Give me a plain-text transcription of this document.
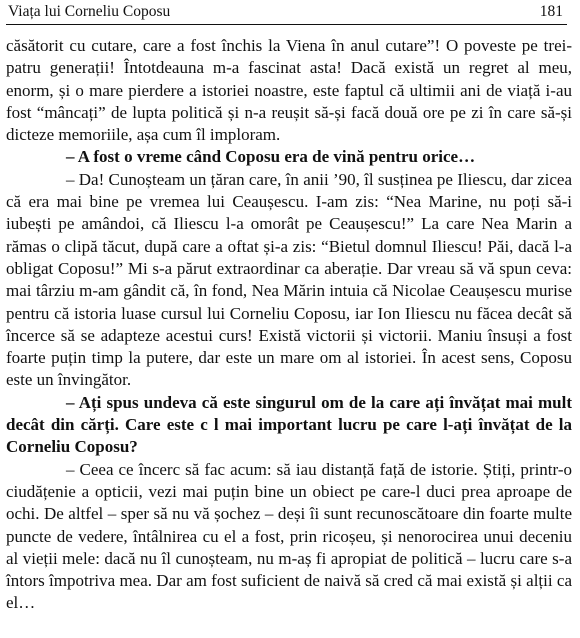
Viața lui Corneliu Coposu	181

căsătorit cu cutare, care a fost închis la Viena în anul cutare”! O poveste pe trei-patru generații! Întotdeauna m-a fascinat asta! Dacă există un regret al meu, enorm, și o mare pierdere a istoriei noastre, este faptul că ultimii ani de viață i-au fost “mâncați” de lupta politică și n-a reușit să-și facă două ore pe zi în care să-și dicteze memoriile, așa cum îl imploram.

– A fost o vreme când Coposu era de vină pentru orice…

– Da! Cunoșteam un țăran care, în anii ’90, îl susținea pe Iliescu, dar zicea că era mai bine pe vremea lui Ceaușescu. I-am zis: “Nea Marine, nu poți să-i iubești pe amândoi, că Iliescu l-a omorât pe Ceaușescu!” La care Nea Marin a rămas o clipă tăcut, după care a oftat și-a zis: “Bietul domnul Iliescu! Păi, dacă l-a obligat Coposu!” Mi s-a părut extraordinar ca aberație. Dar vreau să vă spun ceva: mai târziu m-am gândit că, în fond, Nea Mărin intuia că Nicolae Ceaușescu murise pentru că istoria luase cursul lui Corneliu Coposu, iar Ion Iliescu nu făcea decât să încerce să se adapteze acestui curs! Există victorii și victorii. Maniu însuși a fost foarte puțin timp la putere, dar este un mare om al istoriei. În acest sens, Coposu este un învingător.

– Ați spus undeva că este singurul om de la care ați învățat mai mult decât din cărți. Care este c l mai important lucru pe care l-ați învățat de la Corneliu Coposu?

– Ceea ce încerc să fac acum: să iau distanță față de istorie. Știți, printr-o ciudățenie a opticii, vezi mai puțin bine un obiect pe care-l duci prea aproape de ochi. De altfel – sper să nu vă șochez – deși îi sunt recunoscătoare din foarte multe puncte de vedere, întâlnirea cu el a fost, prin ricoșeu, și nenorocirea unui deceniu al vieții mele: dacă nu îl cunoșteam, nu m-aș fi apropiat de politică – lucru care s-a întors împotriva mea. Dar am fost suficient de naivă să cred că mai există și alții ca el…
